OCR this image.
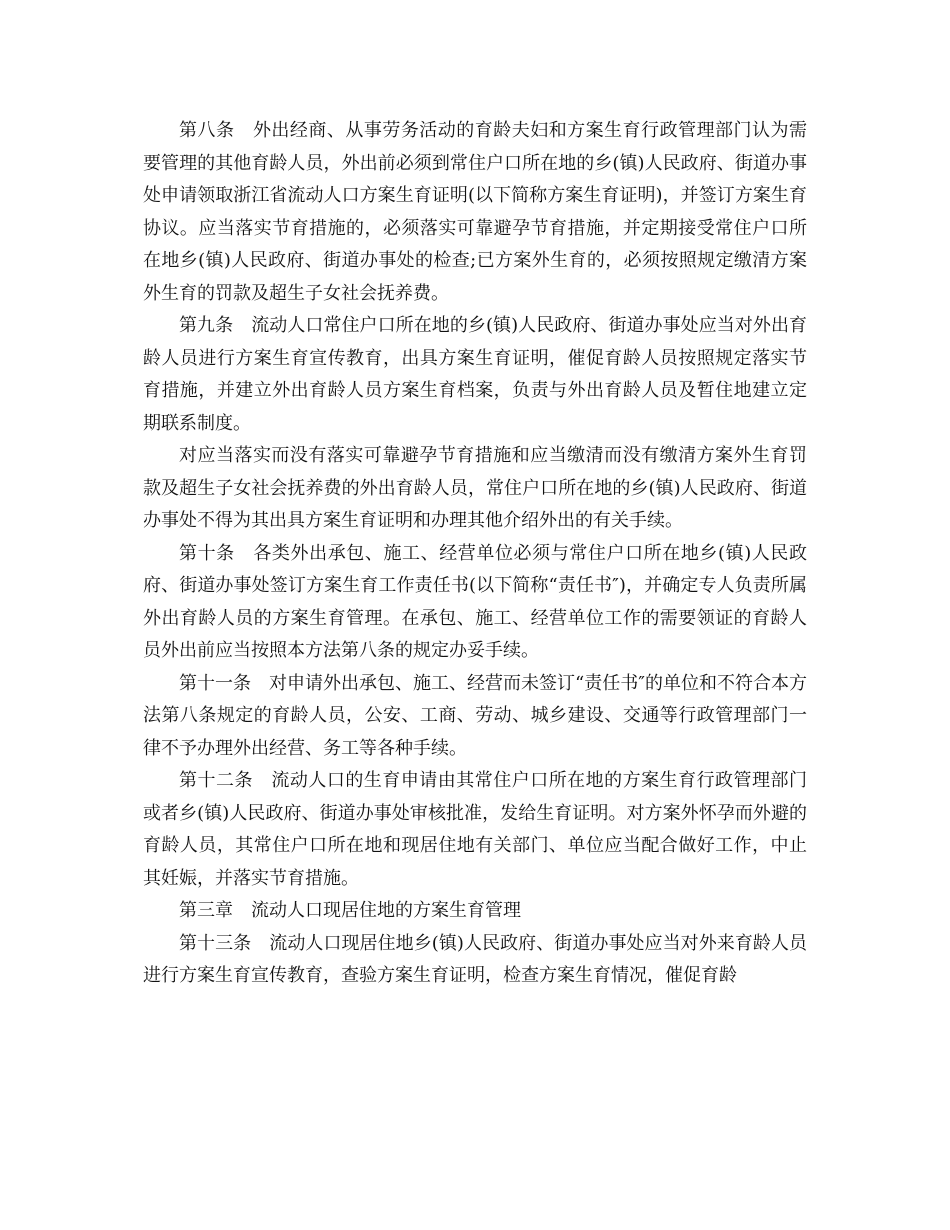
第八条　外出经商、从事劳务活动的育龄夫妇和方案生育行政管理部门认为需要管理的其他育龄人员，外出前必须到常住户口所在地的乡(镇)人民政府、街道办事处申请领取浙江省流动人口方案生育证明(以下简称方案生育证明)，并签订方案生育协议。应当落实节育措施的，必须落实可靠避孕节育措施，并定期接受常住户口所在地乡(镇)人民政府、街道办事处的检查;已方案外生育的，必须按照规定缴清方案外生育的罚款及超生子女社会抚养费。

第九条　流动人口常住户口所在地的乡(镇)人民政府、街道办事处应当对外出育龄人员进行方案生育宣传教育，出具方案生育证明，催促育龄人员按照规定落实节育措施，并建立外出育龄人员方案生育档案，负责与外出育龄人员及暂住地建立定期联系制度。

对应当落实而没有落实可靠避孕节育措施和应当缴清而没有缴清方案外生育罚款及超生子女社会抚养费的外出育龄人员，常住户口所在地的乡(镇)人民政府、街道办事处不得为其出具方案生育证明和办理其他介绍外出的有关手续。

第十条　各类外出承包、施工、经营单位必须与常住户口所在地乡(镇)人民政府、街道办事处签订方案生育工作责任书(以下简称“责任书″)，并确定专人负责所属外出育龄人员的方案生育管理。在承包、施工、经营单位工作的需要领证的育龄人员外出前应当按照本方法第八条的规定办妥手续。

第十一条　对申请外出承包、施工、经营而未签订“责任书″的单位和不符合本方法第八条规定的育龄人员，公安、工商、劳动、城乡建设、交通等行政管理部门一律不予办理外出经营、务工等各种手续。

第十二条　流动人口的生育申请由其常住户口所在地的方案生育行政管理部门或者乡(镇)人民政府、街道办事处审核批准，发给生育证明。对方案外怀孕而外避的育龄人员，其常住户口所在地和现居住地有关部门、单位应当配合做好工作，中止其妊娠，并落实节育措施。

第三章　流动人口现居住地的方案生育管理

第十三条　流动人口现居住地乡(镇)人民政府、街道办事处应当对外来育龄人员进行方案生育宣传教育，查验方案生育证明，检查方案生育情况，催促育龄
